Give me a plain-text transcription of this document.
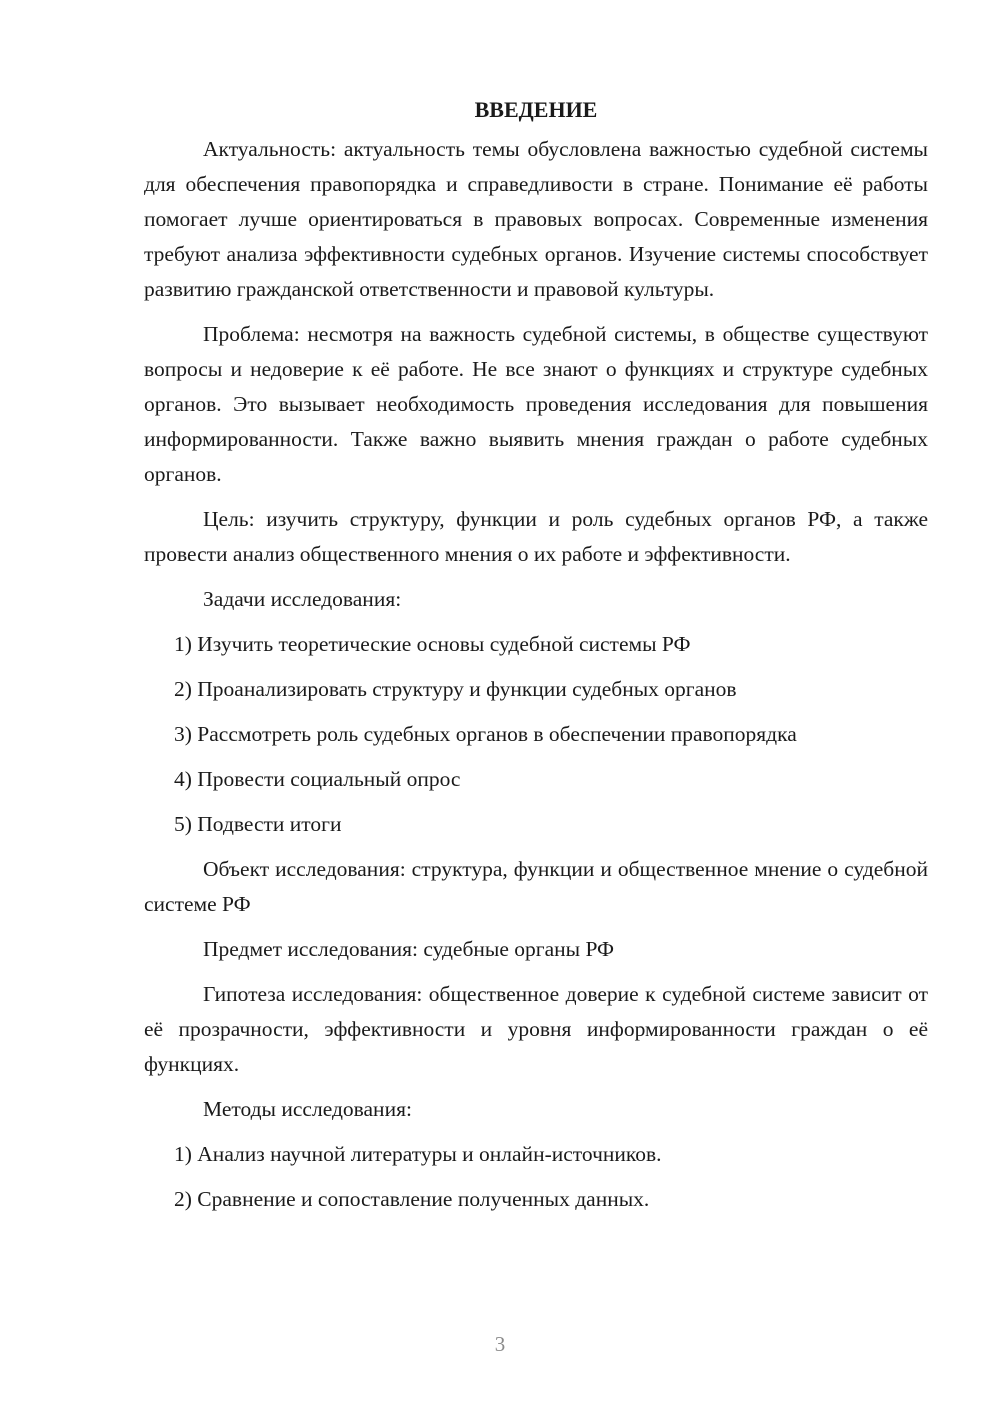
ВВЕДЕНИЕ

Актуальность: актуальность темы обусловлена важностью судебной системы для обеспечения правопорядка и справедливости в стране. Понимание её работы помогает лучше ориентироваться в правовых вопросах. Современные изменения требуют анализа эффективности судебных органов. Изучение системы способствует развитию гражданской ответственности и правовой культуры.

Проблема: несмотря на важность судебной системы, в обществе существуют вопросы и недоверие к её работе. Не все знают о функциях и структуре судебных органов. Это вызывает необходимость проведения исследования для повышения информированности. Также важно выявить мнения граждан о работе судебных органов.

Цель: изучить структуру, функции и роль судебных органов РФ, а также провести анализ общественного мнения о их работе и эффективности.

Задачи исследования:

1) Изучить теоретические основы судебной системы РФ

2) Проанализировать структуру и функции судебных органов

3) Рассмотреть роль судебных органов в обеспечении правопорядка

4) Провести социальный опрос

5) Подвести итоги

Объект исследования: структура, функции и общественное мнение о судебной системе РФ

Предмет исследования: судебные органы РФ

Гипотеза исследования: общественное доверие к судебной системе зависит от её прозрачности, эффективности и уровня информированности граждан о её функциях.

Методы исследования:

1) Анализ научной литературы и онлайн-источников.

2) Сравнение и сопоставление полученных данных.

3
